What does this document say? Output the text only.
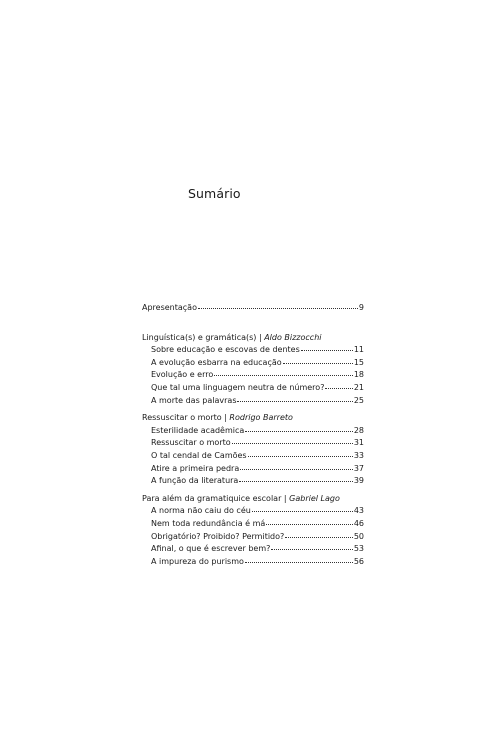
Sumário
Apresentação	9
Linguística(s) e gramática(s) | Aldo Bizzocchi
Sobre educação e escovas de dentes	11
A evolução esbarra na educação	15
Evolução e erro	18
Que tal uma linguagem neutra de número?	21
A morte das palavras	25
Ressuscitar o morto | Rodrigo Barreto
Esterilidade acadêmica	28
Ressuscitar o morto	31
O tal cendal de Camões	33
Atire a primeira pedra	37
A função da literatura	39
Para além da gramatiquice escolar | Gabriel Lago
A norma não caiu do céu	43
Nem toda redundância é má	46
Obrigatório? Proibido? Permitido?	50
Afinal, o que é escrever bem?	53
A impureza do purismo	56
